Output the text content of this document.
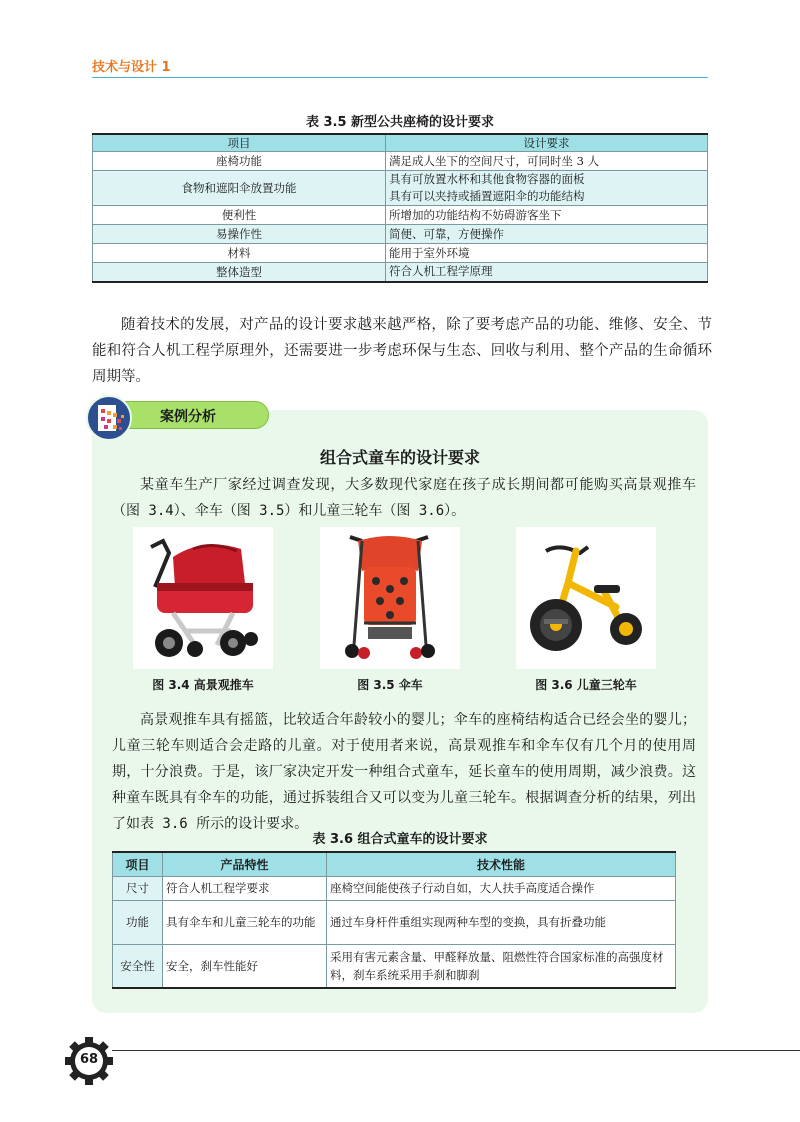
技术与设计 1
表 3.5 新型公共座椅的设计要求
项目	设计要求
座椅功能	满足成人坐下的空间尺寸，可同时坐 3 人
食物和遮阳伞放置功能	具有可放置水杯和其他食物容器的面板
具有可以夹持或插置遮阳伞的功能结构

便利性	所增加的功能结构不妨碍游客坐下
易操作性	简便、可靠，方便操作
材料	能用于室外环境
整体造型	符合人机工程学原理

随着技术的发展，对产品的设计要求越来越严格，除了要考虑产品的功能、维修、安全、节能和符合人机工程学原理外，还需要进一步考虑环保与生态、回收与利用、整个产品的生命循环周期等。

案例分析
组合式童车的设计要求

某童车生产厂家经过调查发现，大多数现代家庭在孩子成长期间都可能购买高景观推车（图 3.4）、伞车（图 3.5）和儿童三轮车（图 3.6）。

图 3.4 高景观推车	图 3.5 伞车	图 3.6 儿童三轮车

高景观推车具有摇篮，比较适合年龄较小的婴儿；伞车的座椅结构适合已经会坐的婴儿；儿童三轮车则适合会走路的儿童。对于使用者来说，高景观推车和伞车仅有几个月的使用周期，十分浪费。于是，该厂家决定开发一种组合式童车，延长童车的使用周期，减少浪费。这种童车既具有伞车的功能，通过拆装组合又可以变为儿童三轮车。根据调查分析的结果，列出了如表 3.6 所示的设计要求。

表 3.6 组合式童车的设计要求
项目	产品特性	技术性能
尺寸	符合人机工程学要求	座椅空间能使孩子行动自如，大人扶手高度适合操作
功能	具有伞车和儿童三轮车的功能	通过车身杆件重组实现两种车型的变换，具有折叠功能
安全性	安全，刹车性能好	采用有害元素含量、甲醛释放量、阻燃性符合国家标准的高强度材料，刹车系统采用手刹和脚刹
68
